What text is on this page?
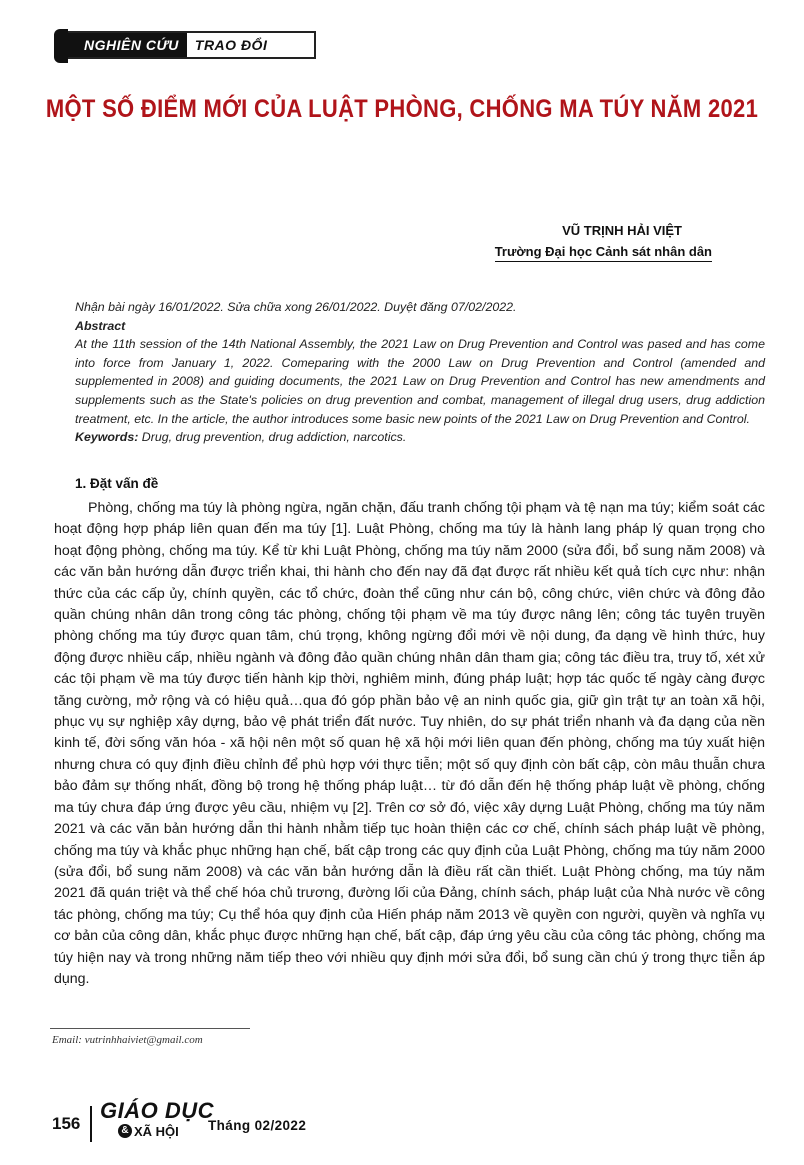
NGHIÊN CỨU	TRAO ĐỔI
MỘT SỐ ĐIỂM MỚI CỦA LUẬT PHÒNG, CHỐNG MA TÚY NĂM 2021
VŨ TRỊNH HẢI VIỆT
Trường Đại học Cảnh sát nhân dân
Nhận bài ngày 16/01/2022. Sửa chữa xong 26/01/2022. Duyệt đăng 07/02/2022.
Abstract
At the 11th session of the 14th National Assembly, the 2021 Law on Drug Prevention and Control was pased and has come into force from January 1, 2022. Comeparing with the 2000 Law on Drug Prevention and Control (amended and supplemented in 2008) and guiding documents, the 2021 Law on Drug Prevention and Control has new amendments and supplements such as the State's policies on drug prevention and combat, management of illegal drug users, drug addiction treatment, etc. In the article, the author introduces some basic new points of the 2021 Law on Drug Prevention and Control.
Keywords: Drug, drug prevention, drug addiction, narcotics.
1. Đặt vấn đề
Phòng, chống ma túy là phòng ngừa, ngăn chặn, đấu tranh chống tội phạm và tệ nạn ma túy; kiểm soát các hoạt động hợp pháp liên quan đến ma túy [1]. Luật Phòng, chống ma túy là hành lang pháp lý quan trọng cho hoạt động phòng, chống ma túy. Kể từ khi Luật Phòng, chống ma túy năm 2000 (sửa đổi, bổ sung năm 2008) và các văn bản hướng dẫn được triển khai, thi hành cho đến nay đã đạt được rất nhiều kết quả tích cực như: nhận thức của các cấp ủy, chính quyền, các tổ chức, đoàn thể cũng như cán bộ, công chức, viên chức và đông đảo quần chúng nhân dân trong công tác phòng, chống tội phạm về ma túy được nâng lên; công tác tuyên truyền phòng chống ma túy được quan tâm, chú trọng, không ngừng đổi mới về nội dung, đa dạng về hình thức, huy động được nhiều cấp, nhiều ngành và đông đảo quần chúng nhân dân tham gia; công tác điều tra, truy tố, xét xử các tội phạm về ma túy được tiến hành kịp thời, nghiêm minh, đúng pháp luật; hợp tác quốc tế ngày càng được tăng cường, mở rộng và có hiệu quả…qua đó góp phần bảo vệ an ninh quốc gia, giữ gìn trật tự an toàn xã hội, phục vụ sự nghiệp xây dựng, bảo vệ phát triển đất nước. Tuy nhiên, do sự phát triển nhanh và đa dạng của nền kinh tế, đời sống văn hóa - xã hội nên một số quan hệ xã hội mới liên quan đến phòng, chống ma túy xuất hiện nhưng chưa có quy định điều chỉnh để phù hợp với thực tiễn; một số quy định còn bất cập, còn mâu thuẫn chưa bảo đảm sự thống nhất, đồng bộ trong hệ thống pháp luật… từ đó dẫn đến hệ thống pháp luật về phòng, chống ma túy chưa đáp ứng được yêu cầu, nhiệm vụ [2]. Trên cơ sở đó, việc xây dựng Luật Phòng, chống ma túy năm 2021 và các văn bản hướng dẫn thi hành nhằm tiếp tục hoàn thiện các cơ chế, chính sách pháp luật về phòng, chống ma túy và khắc phục những hạn chế, bất cập trong các quy định của Luật Phòng, chống ma túy năm 2000 (sửa đổi, bổ sung năm 2008) và các văn bản hướng dẫn là điều rất cần thiết. Luật Phòng chống, ma túy năm 2021 đã quán triệt và thể chế hóa chủ trương, đường lối của Đảng, chính sách, pháp luật của Nhà nước về công tác phòng, chống ma túy; Cụ thể hóa quy định của Hiến pháp năm 2013 về quyền con người, quyền và nghĩa vụ cơ bản của công dân, khắc phục được những hạn chế, bất cập, đáp ứng yêu cầu của công tác phòng, chống ma túy hiện nay và trong những năm tiếp theo với nhiều quy định mới sửa đổi, bổ sung cần chú ý trong thực tiễn áp dụng.
Email: vutrinhhaiviet@gmail.com
156
GIÁO DỤC
& XÃ HỘI Tháng 02/2022
